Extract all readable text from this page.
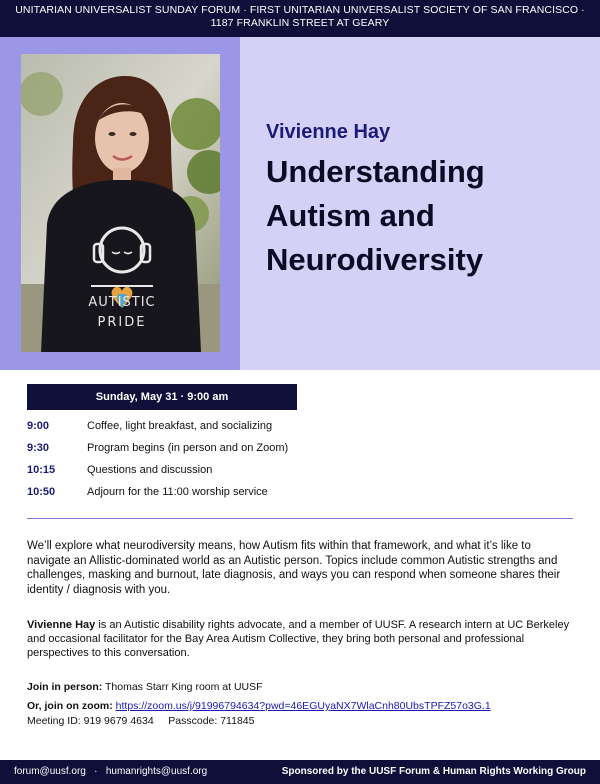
UNITARIAN UNIVERSALIST SUNDAY FORUM · FIRST UNITARIAN UNIVERSALIST SOCIETY OF SAN FRANCISCO ·
1187 FRANKLIN STREET AT GEARY
AUTISTIC
PRIDE
Vivienne Hay
Understanding Autism and Neurodiversity
Sunday, May 31 · 9:00 am
9:00	Coffee, light breakfast, and socializing
9:30	Program begins (in person and on Zoom)
10:15	Questions and discussion
10:50	Adjourn for the 11:00 worship service
We’ll explore what neurodiversity means, how Autism fits within that framework, and what it’s like to navigate an Allistic-dominated world as an Autistic person. Topics include common Autistic strengths and challenges, masking and burnout, late diagnosis, and ways you can respond when someone shares their identity / diagnosis with you.
Vivienne Hay is an Autistic disability rights advocate, and a member of UUSF. A research intern at UC Berkeley and occasional facilitator for the Bay Area Autism Collective, they bring both personal and professional perspectives to this conversation.
Join in person: Thomas Starr King room at UUSF
Or, join on zoom: https://zoom.us/j/91996794634?pwd=46EGUyaNX7WlaCnh80UbsTPFZ57o3G.1
Meeting ID: 919 9679 4634     Passcode: 711845
forum@uusf.org   ·   humanrights@uusf.org	Sponsored by the UUSF Forum & Human Rights Working Group
